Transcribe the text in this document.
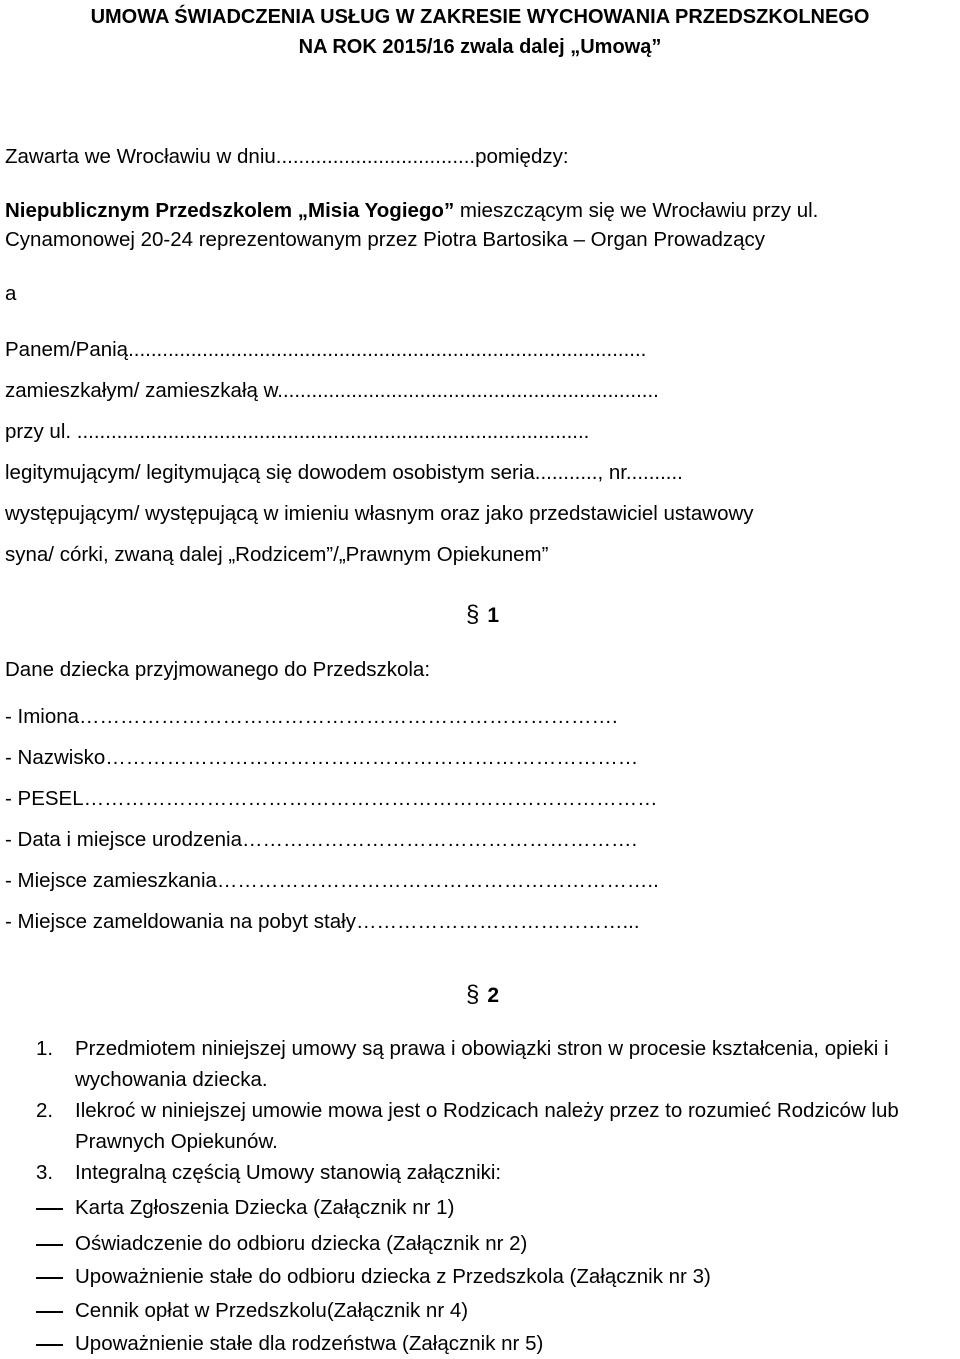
UMOWA ŚWIADCZENIA USŁUG W ZAKRESIE WYCHOWANIA PRZEDSZKOLNEGO
NA ROK 2015/16 zwala dalej „Umową”
Zawarta we Wrocławiu w dniu...................................pomiędzy:
Niepublicznym Przedszkolem „Misia Yogiego” mieszczącym się we Wrocławiu przy ul.
Cynamonowej 20-24 reprezentowanym przez Piotra Bartosika – Organ Prowadzący
a
Panem/Panią...........................................................................................
zamieszkałym/ zamieszkałą w...................................................................
przy ul. ..........................................................................................
legitymującym/ legitymującą się dowodem osobistym seria..........., nr..........
występującym/ występującą w imieniu własnym oraz jako przedstawiciel ustawowy
syna/ córki, zwaną dalej „Rodzicem”/„Prawnym Opiekunem”
§ 1
Dane dziecka przyjmowanego do Przedszkola:
- Imiona…………………………………………………………………….
- Nazwisko……………………………………………………………………
- PESEL…………………………………………………………………………
- Data i miejsce urodzenia………………………………………………….
- Miejsce zamieszkania………………………………………………………..
- Miejsce zameldowania na pobyt stały…………………………………...
§ 2
1. Przedmiotem niniejszej umowy są prawa i obowiązki stron w procesie kształcenia, opieki i wychowania dziecka.
2. Ilekroć w niniejszej umowie mowa jest o Rodzicach należy przez to rozumieć Rodziców lub Prawnych Opiekunów.
3. Integralną częścią Umowy stanowią załączniki:
Karta Zgłoszenia Dziecka (Załącznik nr 1)
Oświadczenie do odbioru dziecka (Załącznik nr 2)
Upoważnienie stałe do odbioru dziecka z Przedszkola (Załącznik nr 3)
Cennik opłat w Przedszkolu(Załącznik nr 4)
Upoważnienie stałe dla rodzeństwa (Załącznik nr 5)
